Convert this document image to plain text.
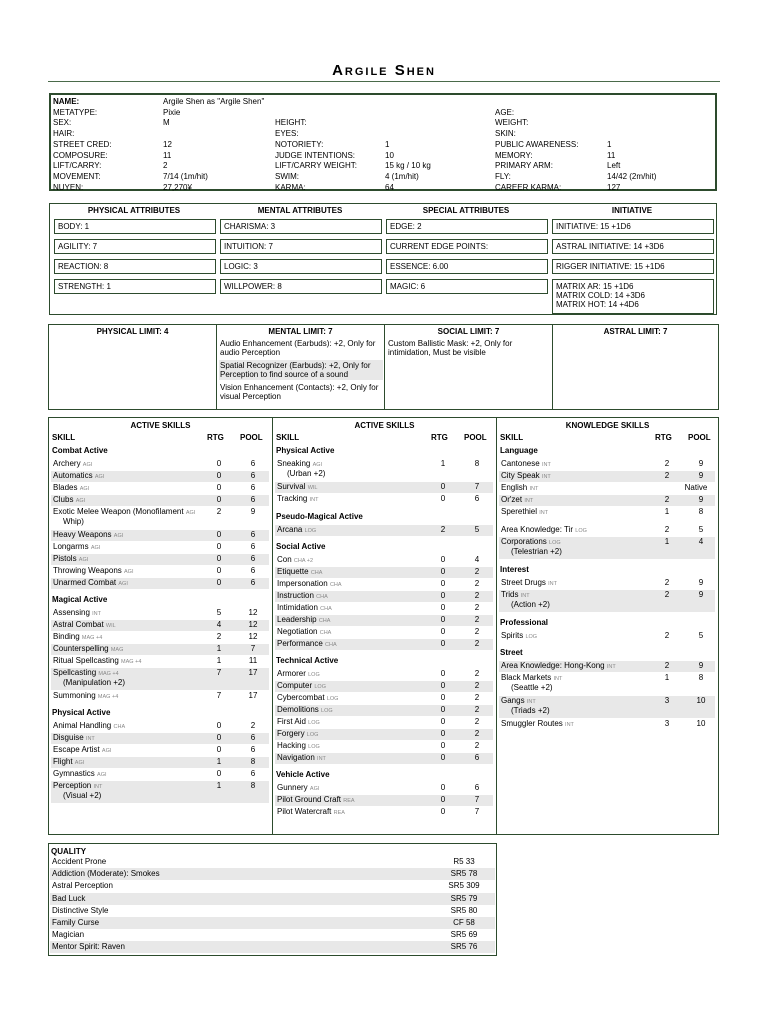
Argile Shen
NAME:	Argile Shen as "Argile Shen"
METATYPE:	Pixie	AGE:
SEX:	M	HEIGHT:	WEIGHT:
HAIR:	EYES:	SKIN:
STREET CRED:	12	NOTORIETY:	1	PUBLIC AWARENESS:	1
COMPOSURE:	11	JUDGE INTENTIONS:	10	MEMORY:	11
LIFT/CARRY:	2	LIFT/CARRY WEIGHT:	15 kg / 10 kg	PRIMARY ARM:	Left
MOVEMENT:	7/14 (1m/hit)	SWIM:	4 (1m/hit)	FLY:	14/42 (2m/hit)
NUYEN:	27,270¥	KARMA:	64	CAREER KARMA:	127
PHYSICAL ATTRIBUTES	MENTAL ATTRIBUTES	SPECIAL ATTRIBUTES	INITIATIVE
BODY: 1
AGILITY: 7
REACTION: 8
STRENGTH: 1
CHARISMA: 3
INTUITION: 7
LOGIC: 3
WILLPOWER: 8
EDGE: 2
CURRENT EDGE POINTS:
ESSENCE: 6.00
MAGIC: 6
INITIATIVE: 15 +1D6
ASTRAL INITIATIVE: 14 +3D6
RIGGER INITIATIVE: 15 +1D6
MATRIX AR: 15 +1D6
MATRIX COLD: 14 +3D6
MATRIX HOT: 14 +4D6
PHYSICAL LIMIT: 4	MENTAL LIMIT: 7
Audio Enhancement (Earbuds): +2, Only for audio Perception
Spatial Recognizer (Earbuds): +2, Only for Perception to find source of a sound
Vision Enhancement (Contacts): +2, Only for visual Perception
SOCIAL LIMIT: 7
Custom Ballistic Mask: +2, Only for intimidation, Must be visible
ASTRAL LIMIT: 7
ACTIVE SKILLS
SKILL	RTG POOL
Combat Active
Archery AGI	0	6
Automatics AGI	0	6
Blades AGI	0	6
Clubs AGI	0	6
Exotic Melee Weapon (Monofilament AGI
Whip)
2	9
Heavy Weapons AGI	0	6
Longarms AGI	0	6
Pistols AGI	0	6
Throwing Weapons AGI	0	6
Unarmed Combat AGI	0	6
Magical Active
Assensing INT	5	12
Astral Combat WIL	4	12
Binding MAG +4	2	12
Counterspelling MAG	1	7
Ritual Spellcasting MAG +4	1	11
Spellcasting MAG +4
(Manipulation +2)
7	17
Summoning MAG +4	7	17
Physical Active
Animal Handling CHA	0	2
Disguise INT	0	6
Escape Artist AGI	0	6
Flight AGI	1	8
Gymnastics AGI	0	6
Perception INT
(Visual +2)
1	8
ACTIVE SKILLS
SKILL	RTG POOL
Physical Active
Sneaking AGI
(Urban +2)
1	8
Survival WIL	0	7
Tracking INT	0	6
Pseudo-Magical Active
Arcana LOG	2	5
Social Active
Con CHA +2	0	4
Etiquette CHA	0	2
Impersonation CHA	0	2
Instruction CHA	0	2
Intimidation CHA	0	2
Leadership CHA	0	2
Negotiation CHA	0	2
Performance CHA	0	2
Technical Active
Armorer LOG	0	2
Computer LOG	0	2
Cybercombat LOG	0	2
Demolitions LOG	0	2
First Aid LOG	0	2
Forgery LOG	0	2
Hacking LOG	0	2
Navigation INT	0	6
Vehicle Active
Gunnery AGI	0	6
Pilot Ground Craft REA	0	7
Pilot Watercraft REA	0	7
KNOWLEDGE SKILLS
SKILL	RTG POOL
Language
Cantonese INT	2	9
City Speak INT	2	9
English INT	Native
Or'zet INT	2	9
Sperethiel INT	1	8
Area Knowledge: Tir LOG	2	5
Corporations LOG
(Telestrian +2)
1	4
Interest
Street Drugs INT	2	9
Trids INT
(Action +2)
2	9
Professional
Spirits LOG	2	5
Street
Area Knowledge: Hong-Kong INT	2	9
Black Markets INT
(Seattle +2)
1	8
Gangs INT
(Triads +2)
3	10
Smuggler Routes INT	3	10
QUALITY
Accident Prone	R5 33
Addiction (Moderate): Smokes	SR5 78
Astral Perception	SR5 309
Bad Luck	SR5 79
Distinctive Style	SR5 80
Family Curse	CF 58
Magician	SR5 69
Mentor Spirit: Raven	SR5 76
